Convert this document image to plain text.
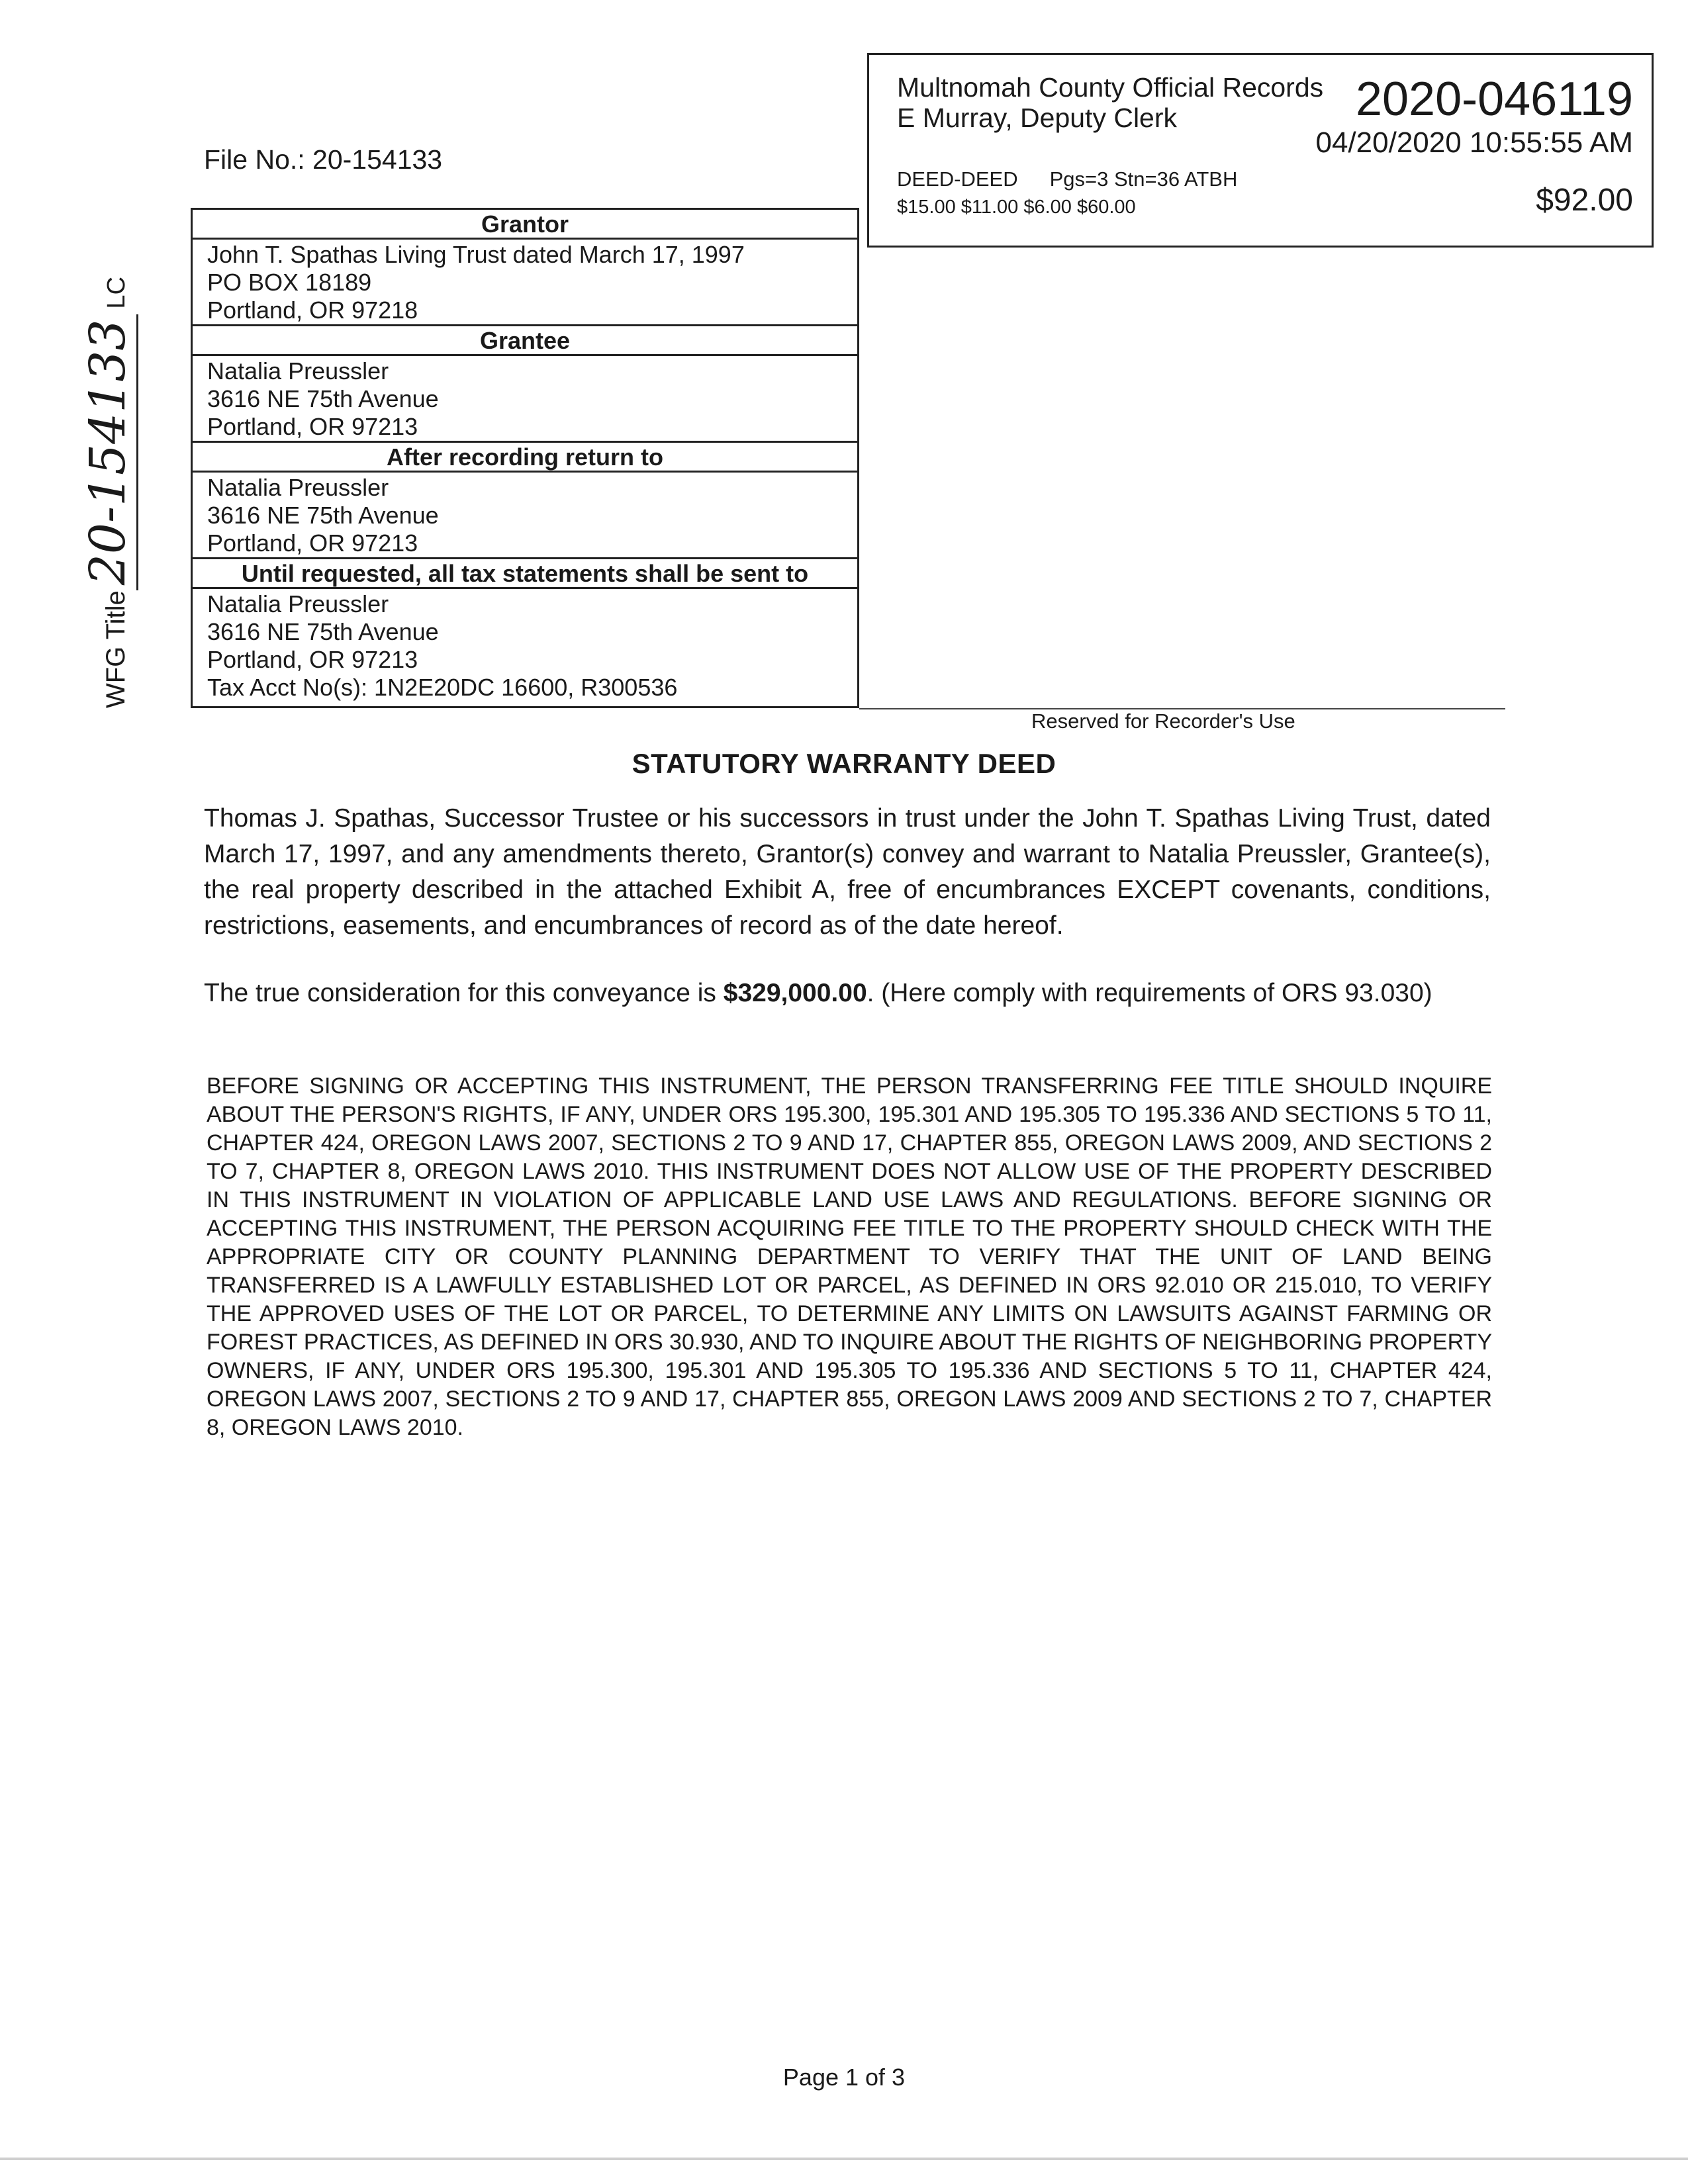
Multnomah County Official Records
E Murray, Deputy Clerk	2020-046119
04/20/2020 10:55:55 AM
DEED-DEED Pgs=3 Stn=36 ATBH
$15.00 $11.00 $6.00 $60.00	$92.00
File No.: 20-154133
Grantor
John T. Spathas Living Trust dated March 17, 1997
PO BOX 18189
Portland, OR 97218
Grantee
Natalia Preussler
3616 NE 75th Avenue
Portland, OR 97213
After recording return to
Natalia Preussler
3616 NE 75th Avenue
Portland, OR 97213
Until requested, all tax statements shall be sent to
Natalia Preussler
3616 NE 75th Avenue
Portland, OR 97213
Tax Acct No(s): 1N2E20DC 16600, R300536
Reserved for Recorder's Use
STATUTORY WARRANTY DEED
Thomas J. Spathas, Successor Trustee or his successors in trust under the John T. Spathas Living Trust, dated March 17, 1997, and any amendments thereto, Grantor(s) convey and warrant to Natalia Preussler, Grantee(s), the real property described in the attached Exhibit A, free of encumbrances EXCEPT covenants, conditions, restrictions, easements, and encumbrances of record as of the date hereof.
The true consideration for this conveyance is $329,000.00. (Here comply with requirements of ORS 93.030)
BEFORE SIGNING OR ACCEPTING THIS INSTRUMENT, THE PERSON TRANSFERRING FEE TITLE SHOULD INQUIRE ABOUT THE PERSON'S RIGHTS, IF ANY, UNDER ORS 195.300, 195.301 AND 195.305 TO 195.336 AND SECTIONS 5 TO 11, CHAPTER 424, OREGON LAWS 2007, SECTIONS 2 TO 9 AND 17, CHAPTER 855, OREGON LAWS 2009, AND SECTIONS 2 TO 7, CHAPTER 8, OREGON LAWS 2010. THIS INSTRUMENT DOES NOT ALLOW USE OF THE PROPERTY DESCRIBED IN THIS INSTRUMENT IN VIOLATION OF APPLICABLE LAND USE LAWS AND REGULATIONS. BEFORE SIGNING OR ACCEPTING THIS INSTRUMENT, THE PERSON ACQUIRING FEE TITLE TO THE PROPERTY SHOULD CHECK WITH THE APPROPRIATE CITY OR COUNTY PLANNING DEPARTMENT TO VERIFY THAT THE UNIT OF LAND BEING TRANSFERRED IS A LAWFULLY ESTABLISHED LOT OR PARCEL, AS DEFINED IN ORS 92.010 OR 215.010, TO VERIFY THE APPROVED USES OF THE LOT OR PARCEL, TO DETERMINE ANY LIMITS ON LAWSUITS AGAINST FARMING OR FOREST PRACTICES, AS DEFINED IN ORS 30.930, AND TO INQUIRE ABOUT THE RIGHTS OF NEIGHBORING PROPERTY OWNERS, IF ANY, UNDER ORS 195.300, 195.301 AND 195.305 TO 195.336 AND SECTIONS 5 TO 11, CHAPTER 424, OREGON LAWS 2007, SECTIONS 2 TO 9 AND 17, CHAPTER 855, OREGON LAWS 2009 AND SECTIONS 2 TO 7, CHAPTER 8, OREGON LAWS 2010.
WFG Title20-154133LC
Page 1 of 3
